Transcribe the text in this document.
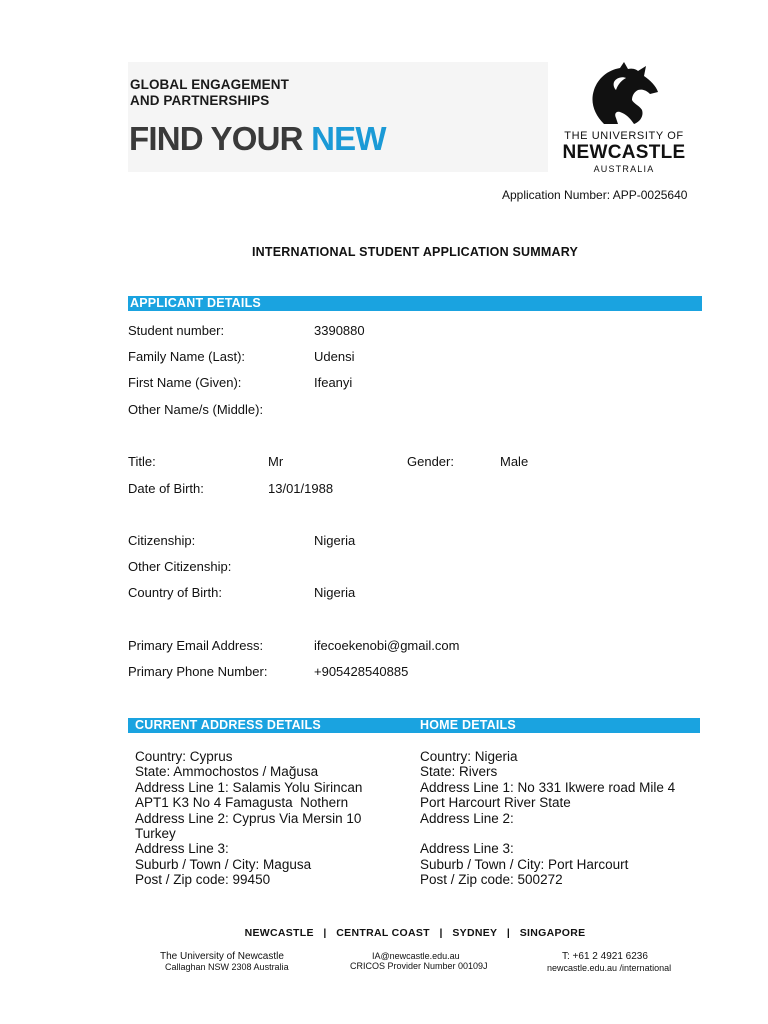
GLOBAL ENGAGEMENT
AND PARTNERSHIPS
FIND YOUR NEW	THE UNIVERSITY OF
NEWCASTLE
AUSTRALIA
Application Number: APP-0025640
INTERNATIONAL STUDENT APPLICATION SUMMARY
APPLICANT DETAILS
Student number:	3390880
Family Name (Last):	Udensi
First Name (Given):	Ifeanyi
Other Name/s (Middle):
Title:	Mr	Gender:	Male
Date of Birth:	13/01/1988
Citizenship:	Nigeria
Other Citizenship:
Country of Birth:	Nigeria
Primary Email Address:	ifecoekenobi@gmail.com
Primary Phone Number:	+905428540885
CURRENT ADDRESS DETAILS	HOME DETAILS
Country: Cyprus
State: Ammochostos / Mağusa
Address Line 1: Salamis Yolu Sirincan
APT1 K3 No 4 Famagusta  Nothern
Address Line 2: Cyprus Via Mersin 10
Turkey
Address Line 3:
Suburb / Town / City: Magusa
Post / Zip code: 99450
Country: Nigeria
State: Rivers
Address Line 1: No 331 Ikwere road Mile 4
Port Harcourt River State
Address Line 2:
Address Line 3:
Suburb / Town / City: Port Harcourt
Post / Zip code: 500272
NEWCASTLE   |   CENTRAL COAST   |   SYDNEY   |   SINGAPORE
The University of Newcastle
Callaghan NSW 2308 Australia
IA@newcastle.edu.au
CRICOS Provider Number 00109J
T: +61 2 4921 6236
newcastle.edu.au /international
